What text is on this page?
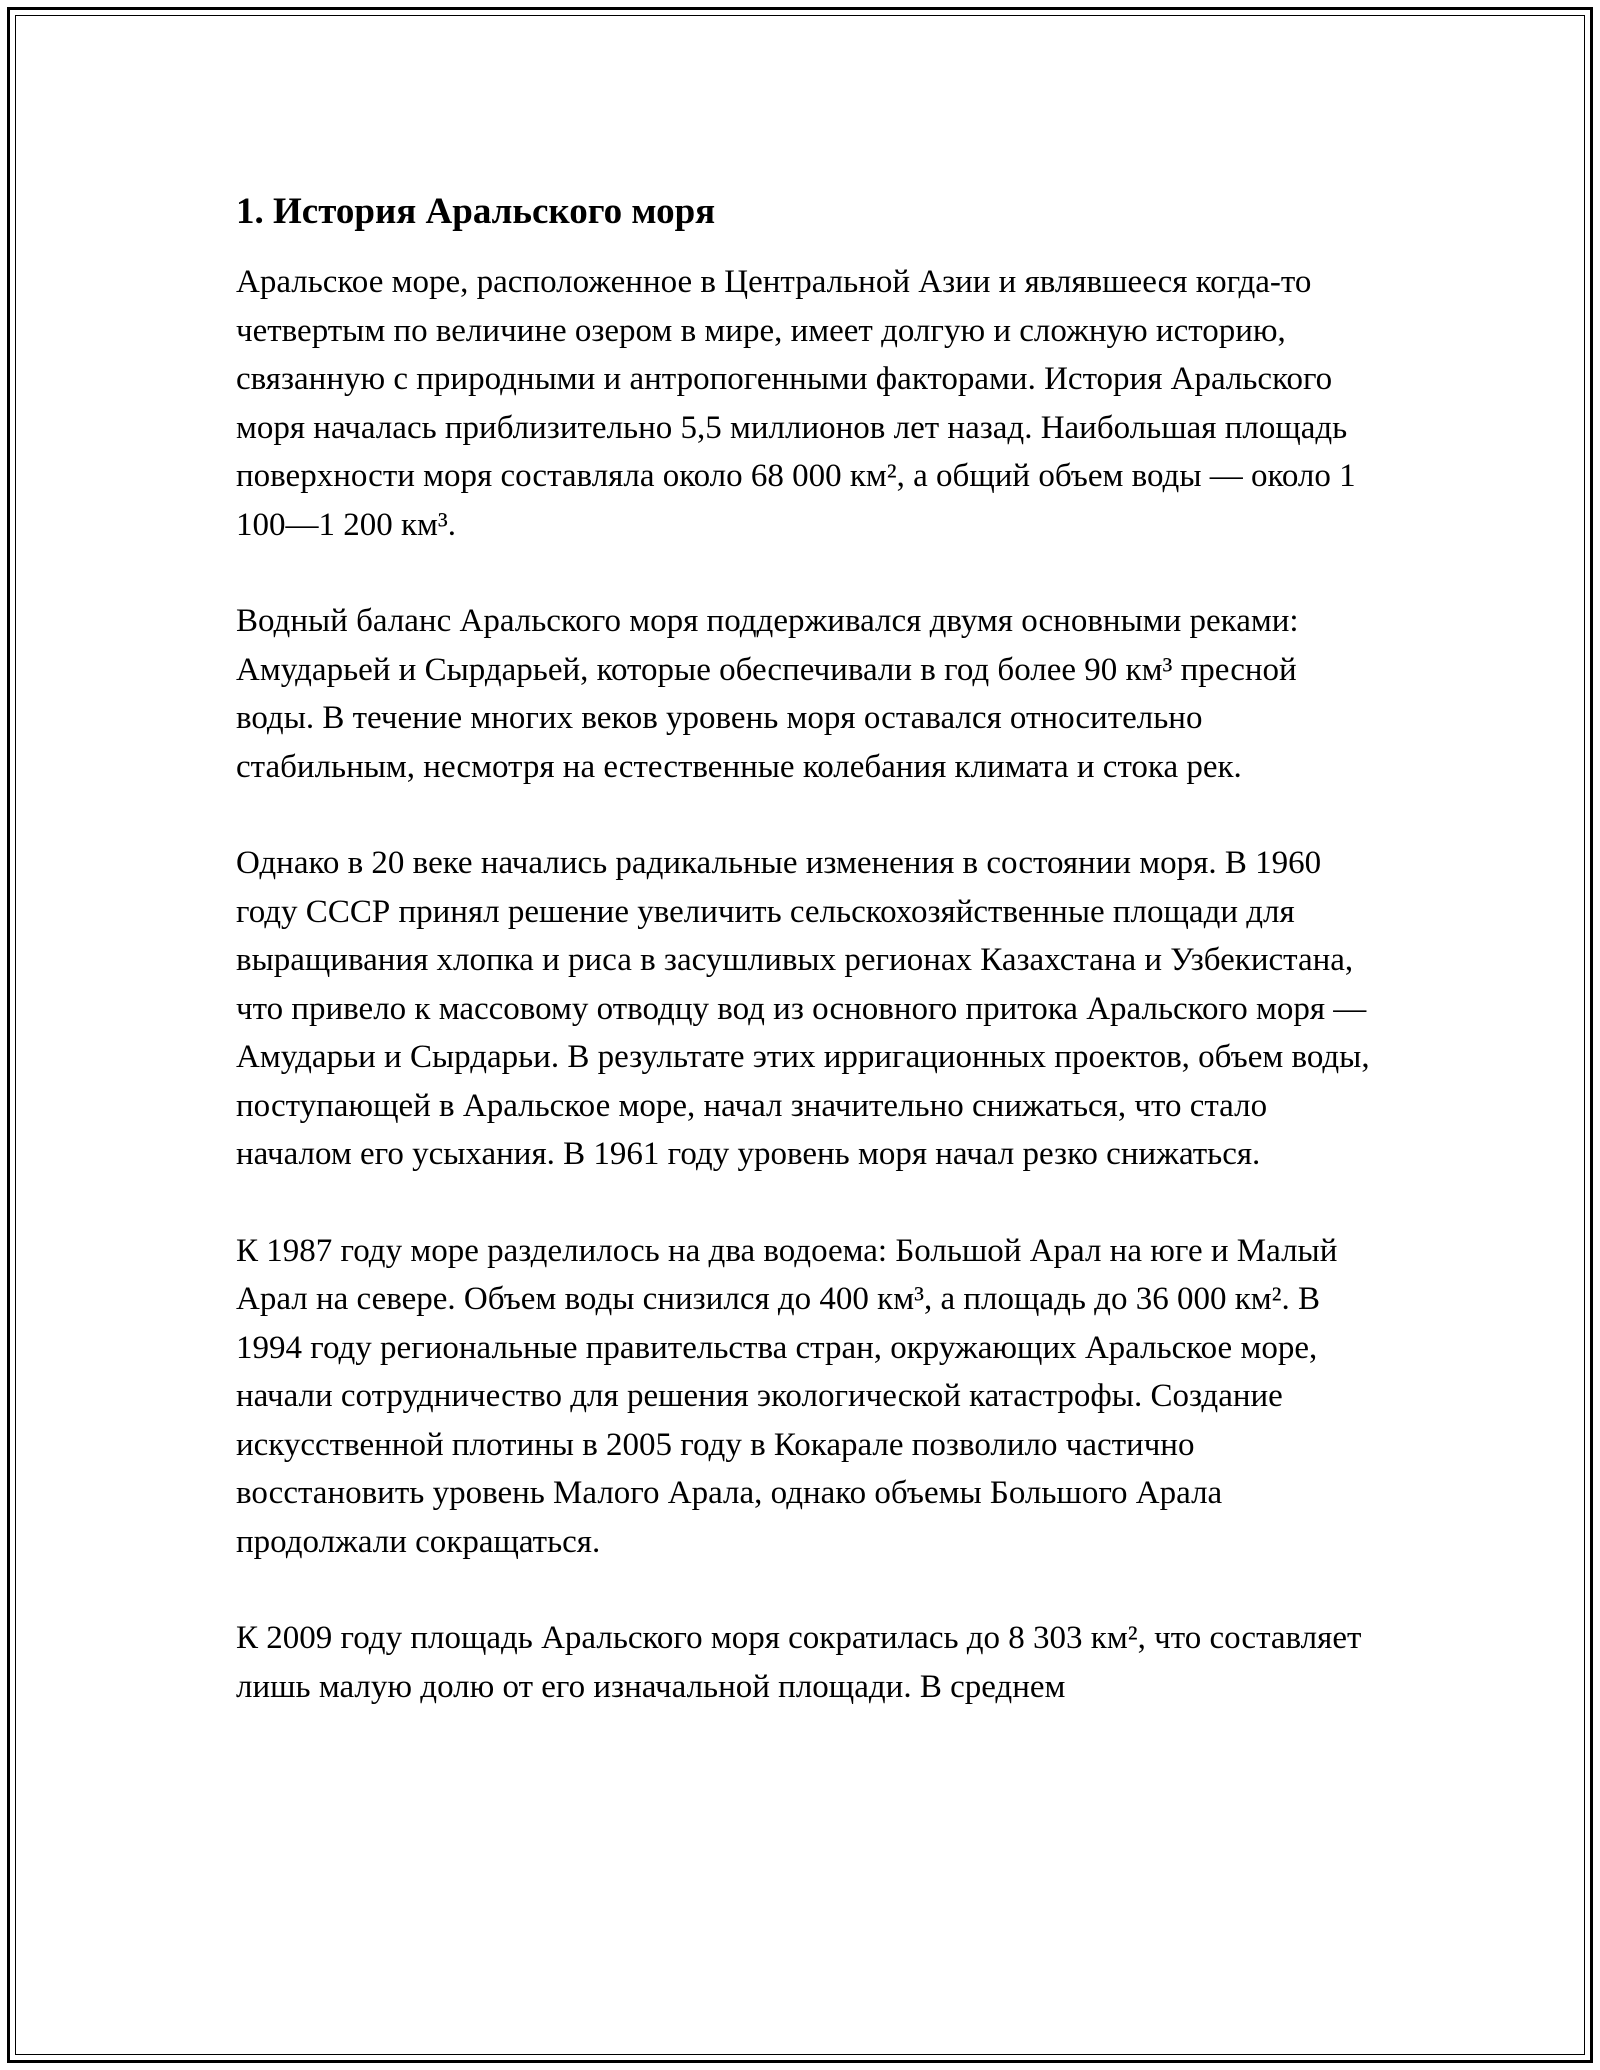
1. История Аральского моря

Аральское море, расположенное в Центральной Азии и являвшееся когда-то четвертым по величине озером в мире, имеет долгую и сложную историю, связанную с природными и антропогенными факторами. История Аральского моря началась приблизительно 5,5 миллионов лет назад. Наибольшая площадь поверхности моря составляла около 68 000 км², а общий объем воды — около 1 100—1 200 км³.

Водный баланс Аральского моря поддерживался двумя основными реками: Амударьей и Сырдарьей, которые обеспечивали в год более 90 км³ пресной воды. В течение многих веков уровень моря оставался относительно стабильным, несмотря на естественные колебания климата и стока рек.

Однако в 20 веке начались радикальные изменения в состоянии моря. В 1960 году СССР принял решение увеличить сельскохозяйственные площади для выращивания хлопка и риса в засушливых регионах Казахстана и Узбекистана, что привело к массовому отводцу вод из основного притока Аральского моря — Амударьи и Сырдарьи. В результате этих ирригационных проектов, объем воды, поступающей в Аральское море, начал значительно снижаться, что стало началом его усыхания. В 1961 году уровень моря начал резко снижаться.

К 1987 году море разделилось на два водоема: Большой Арал на юге и Малый Арал на севере. Объем воды снизился до 400 км³, а площадь до 36 000 км². В 1994 году региональные правительства стран, окружающих Аральское море, начали сотрудничество для решения экологической катастрофы. Создание искусственной плотины в 2005 году в Кокарале позволило частично восстановить уровень Малого Арала, однако объемы Большого Арала продолжали сокращаться.

К 2009 году площадь Аральского моря сократилась до 8 303 км², что составляет лишь малую долю от его изначальной площади. В среднем
